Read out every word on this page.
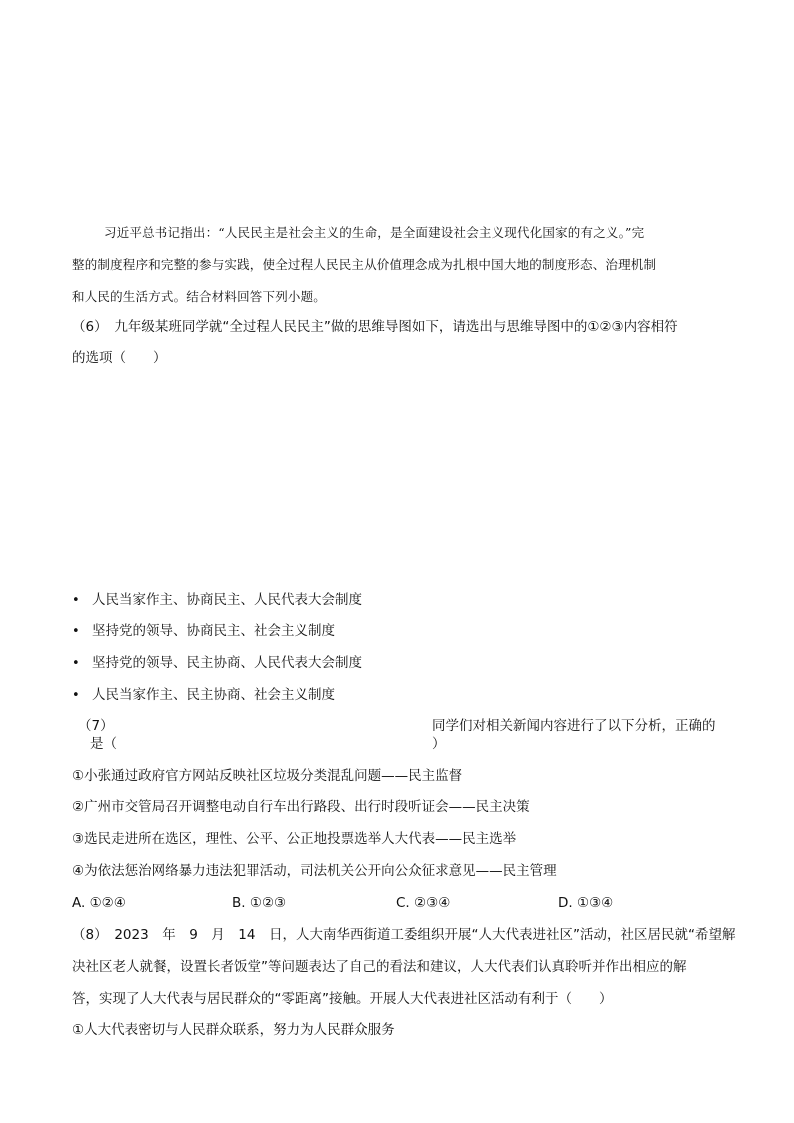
习近平总书记指出：“人民民主是社会主义的生命，是全面建设社会主义现代化国家的有之义。”完
整的制度程序和完整的参与实践，使全过程人民民主从价值理念成为扎根中国大地的制度形态、治理机制
和人民的生活方式。结合材料回答下列小题。
（6）　九年级某班同学就“全过程人民民主”做的思维导图如下，请选出与思维导图中的①②③内容相符
的选项（　　）
• 人民当家作主、协商民主、人民代表大会制度
• 坚持党的领导、协商民主、社会主义制度
• 坚持党的领导、民主协商、人民代表大会制度
• 人民当家作主、民主协商、社会主义制度
（7）
是（
同学们对相关新闻内容进行了以下分析，正确的
）
①小张通过政府官方网站反映社区垃圾分类混乱问题——民主监督
②广州市交管局召开调整电动自行车出行路段、出行时段听证会——民主决策
③选民走进所在选区，理性、公平、公正地投票选举人大代表——民主选举
④为依法惩治网络暴力违法犯罪活动，司法机关公开向公众征求意见——民主管理
A. ①②④	B. ①②③	C. ②③④	D. ①③④
（8）　2023　年　9　月　14　日，人大南华西街道工委组织开展“人大代表进社区”活动，社区居民就“希望解
决社区老人就餐，设置长者饭堂”等问题表达了自己的看法和建议，人大代表们认真聆听并作出相应的解
答，实现了人大代表与居民群众的“零距离”接触。开展人大代表进社区活动有利于（　　）
①人大代表密切与人民群众联系，努力为人民群众服务
